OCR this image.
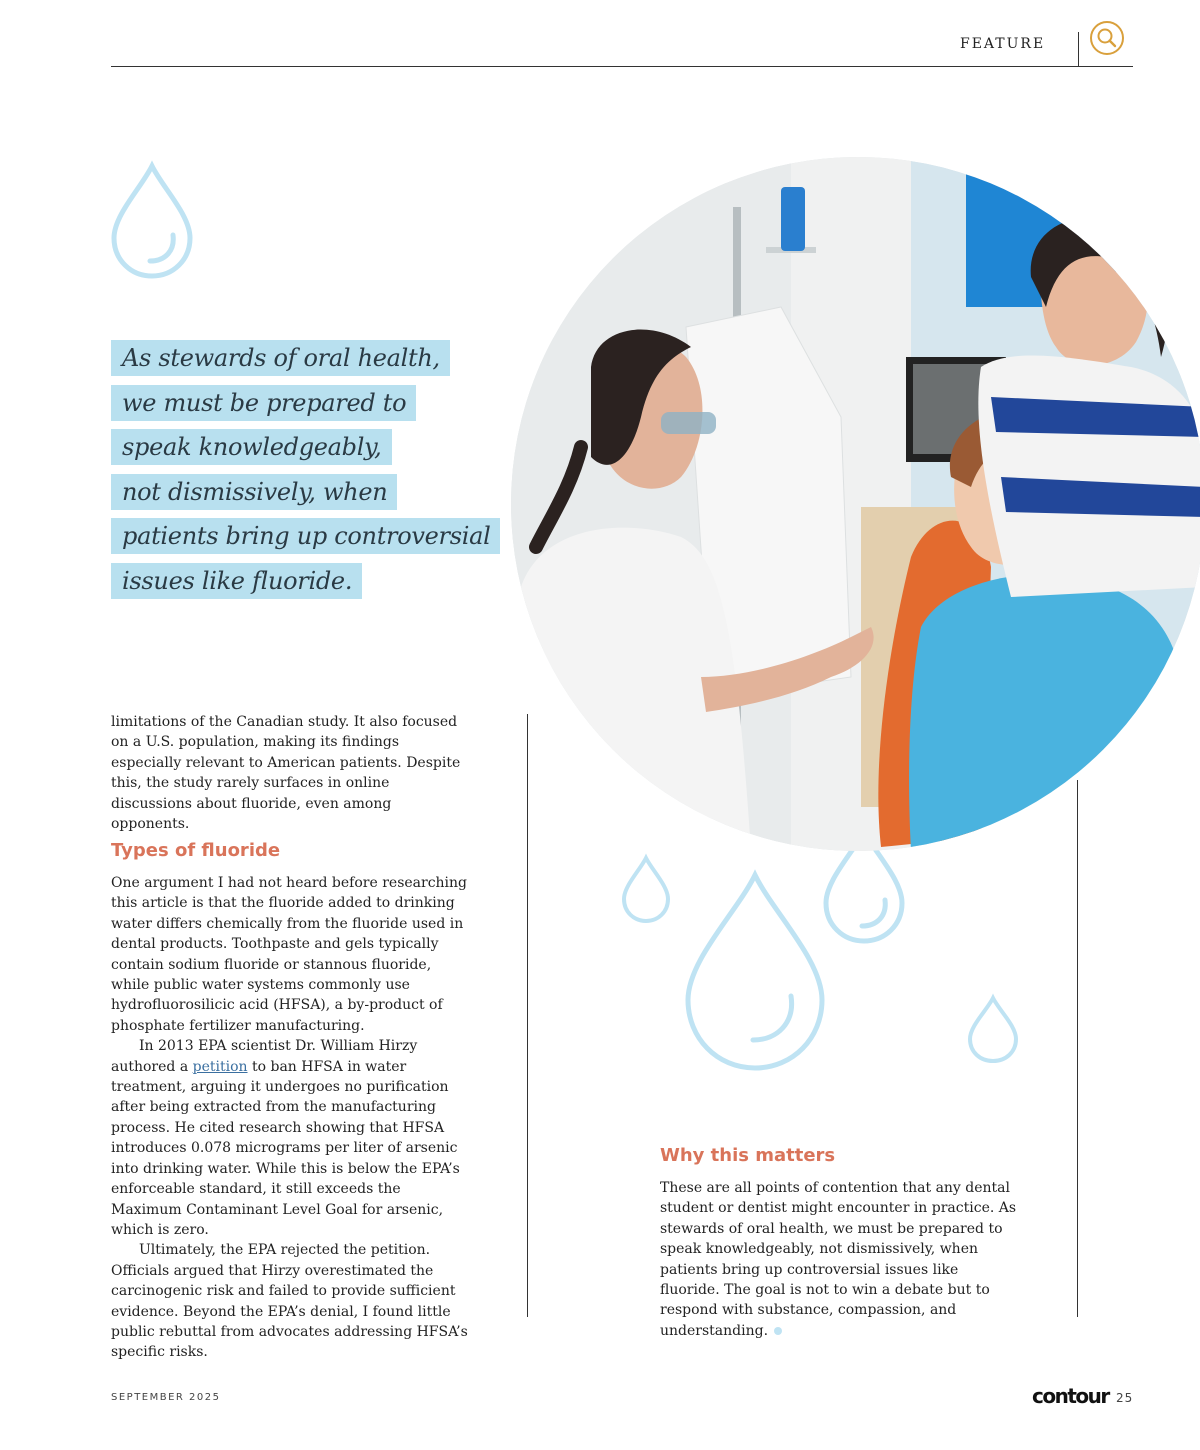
FEATURE
As stewards of oral health,
we must be prepared to
speak knowledgeably,
not dismissively, when
patients bring up controversial
issues like fluoride.

limitations of the Canadian study. It also focused on a U.S. population, making its findings especially relevant to American patients. Despite this, the study rarely surfaces in online discussions about fluoride, even among opponents.

Types of fluoride

One argument I had not heard before researching this article is that the fluoride added to drinking water differs chemically from the fluoride used in dental products. Toothpaste and gels typically contain sodium fluoride or stannous fluoride, while public water systems commonly use hydrofluorosilicic acid (HFSA), a by-product of phosphate fertilizer manufacturing.

In 2013 EPA scientist Dr. William Hirzy authored a petition to ban HFSA in water treatment, arguing it undergoes no purification after being extracted from the manufacturing process. He cited research showing that HFSA introduces 0.078 micrograms per liter of arsenic into drinking water. While this is below the EPA’s enforceable standard, it still exceeds the Maximum Contaminant Level Goal for arsenic, which is zero.

Ultimately, the EPA rejected the petition. Officials argued that Hirzy overestimated the carcinogenic risk and failed to provide sufficient evidence. Beyond the EPA’s denial, I found little public rebuttal from advocates addressing HFSA’s specific risks.

Why this matters

These are all points of contention that any dental student or dentist might encounter in practice. As stewards of oral health, we must be prepared to speak knowledgeably, not dismissively, when patients bring up controversial issues like fluoride. The goal is not to win a debate but to respond with substance, compassion, and understanding.

SEPTEMBER 2025	contour 25
